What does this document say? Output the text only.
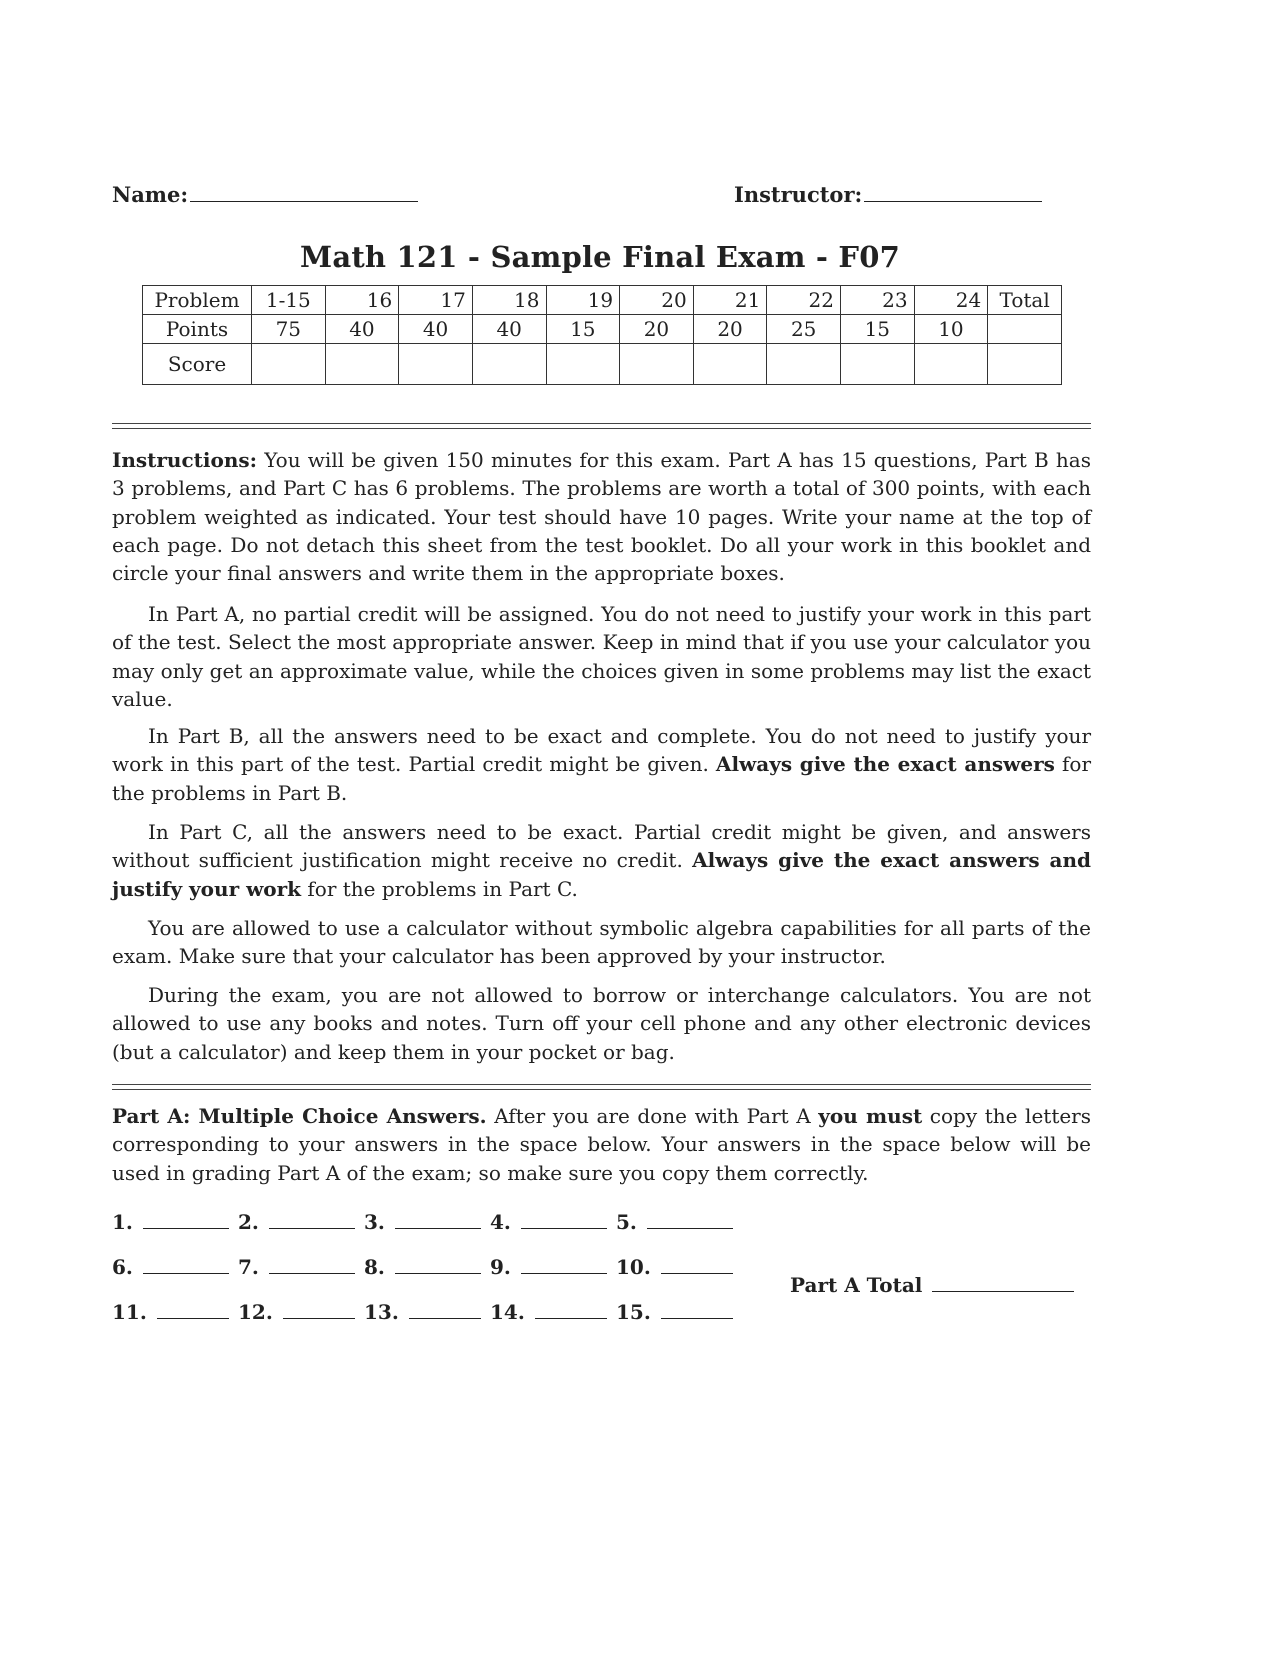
Name:	Instructor:
Math 121 - Sample Final Exam - F07
Problem	1-15	16	17	18	19	20	21	22	23	24	Total
Points	75	40	40	40	15	20	20	25	15	10	
Score											

Instructions: You will be given 150 minutes for this exam. Part A has 15 questions, Part B has 3 problems, and Part C has 6 problems. The problems are worth a total of 300 points, with each problem weighted as indicated. Your test should have 10 pages. Write your name at the top of each page. Do not detach this sheet from the test booklet. Do all your work in this booklet and circle your final answers and write them in the appropriate boxes.

In Part A, no partial credit will be assigned. You do not need to justify your work in this part of the test. Select the most appropriate answer. Keep in mind that if you use your calculator you may only get an approximate value, while the choices given in some problems may list the exact value.

In Part B, all the answers need to be exact and complete. You do not need to justify your work in this part of the test. Partial credit might be given. Always give the exact answers for the problems in Part B.

In Part C, all the answers need to be exact. Partial credit might be given, and answers without sufficient justification might receive no credit. Always give the exact answers and justify your work for the problems in Part C.

You are allowed to use a calculator without symbolic algebra capabilities for all parts of the exam. Make sure that your calculator has been approved by your instructor.

During the exam, you are not allowed to borrow or interchange calculators. You are not allowed to use any books and notes. Turn off your cell phone and any other electronic devices (but a calculator) and keep them in your pocket or bag.

Part A: Multiple Choice Answers. After you are done with Part A you must copy the letters corresponding to your answers in the space below. Your answers in the space below will be used in grading Part A of the exam; so make sure you copy them correctly.

1.	2.	3.	4.	5.
6.	7.	8.	9.	10.
11.	12.	13.	14.	15.
Part A Total
